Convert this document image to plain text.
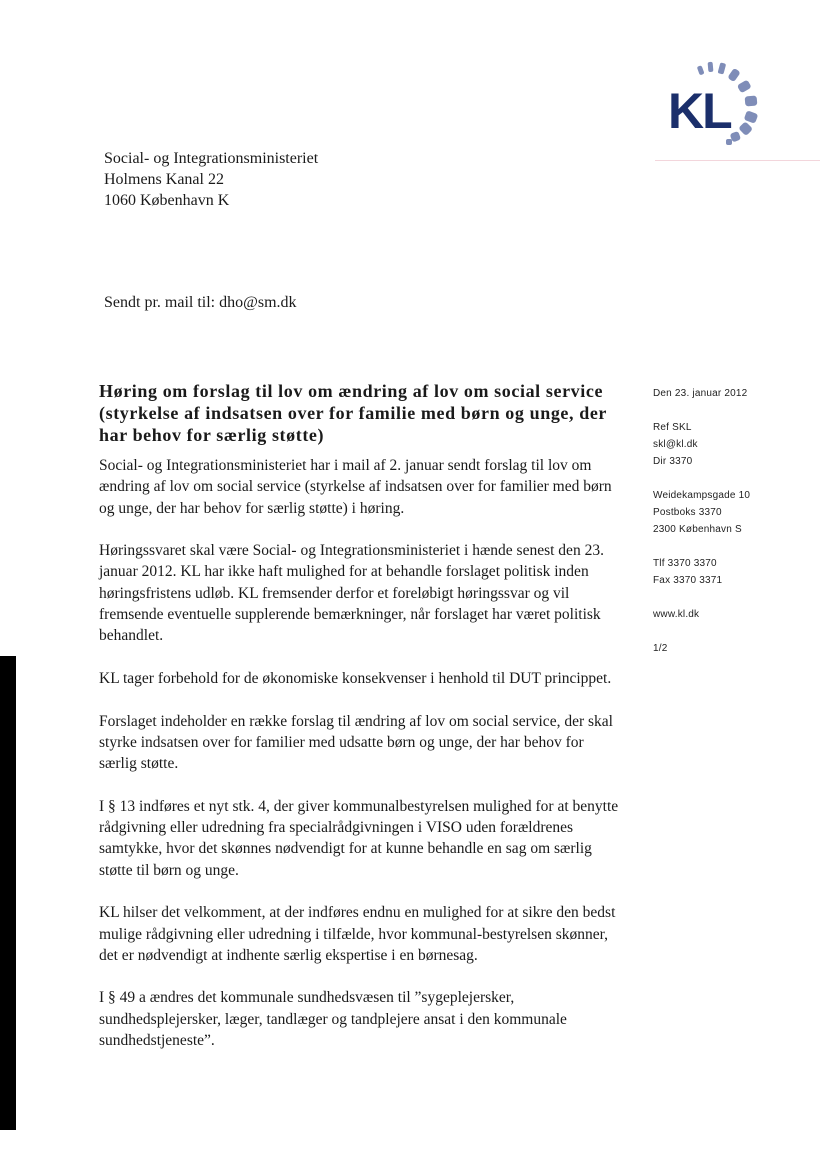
KL
Social- og Integrationsministeriet
Holmens Kanal 22
1060 København K
Sendt pr. mail til: dho@sm.dk
Høring om forslag til lov om ændring af lov om social service (styrkelse af indsatsen over for familie med børn og unge, der har behov for særlig støtte)

Social- og Integrationsministeriet har i mail af 2. januar sendt forslag til lov om ændring af lov om social service (styrkelse af indsatsen over for familier med børn og unge, der har behov for særlig støtte) i høring.

Høringssvaret skal være Social- og Integrationsministeriet i hænde senest den 23. januar 2012. KL har ikke haft mulighed for at behandle forslaget politisk inden høringsfristens udløb. KL fremsender derfor et foreløbigt høringssvar og vil fremsende eventuelle supplerende bemærkninger, når forslaget har været politisk behandlet.

KL tager forbehold for de økonomiske konsekvenser i henhold til DUT princippet.

Forslaget indeholder en række forslag til ændring af lov om social service, der skal styrke indsatsen over for familier med udsatte børn og unge, der har behov for særlig støtte.

I § 13 indføres et nyt stk. 4, der giver kommunalbestyrelsen mulighed for at benytte rådgivning eller udredning fra specialrådgivningen i VISO uden forældrenes samtykke, hvor det skønnes nødvendigt for at kunne behandle en sag om særlig støtte til børn og unge.

KL hilser det velkomment, at der indføres endnu en mulighed for at sikre den bedst mulige rådgivning eller udredning i tilfælde, hvor kommunal-bestyrelsen skønner, det er nødvendigt at indhente særlig ekspertise i en børnesag.

I § 49 a ændres det kommunale sundhedsvæsen til ”sygeplejersker, sundhedsplejersker, læger, tandlæger og tandplejere ansat i den kommunale sundhedstjeneste”.

Den 23. januar 2012
Ref SKL
skl@kl.dk
Dir 3370
Weidekampsgade 10
Postboks 3370
2300 København S
Tlf 3370 3370
Fax 3370 3371
www.kl.dk
1/2
